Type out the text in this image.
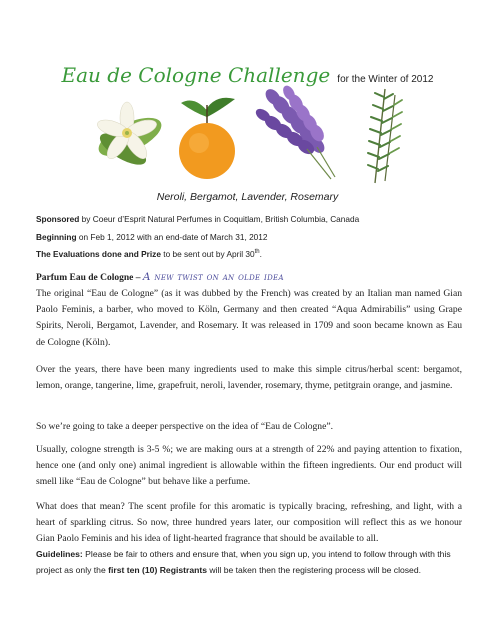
Eau de Cologne Challenge for the Winter of 2012
Neroli, Bergamot, Lavender, Rosemary
Sponsored by Coeur d’Esprit Natural Perfumes in Coquitlam, British Columbia, Canada
Beginning on Feb 1, 2012 with an end-date of March 31, 2012
The Evaluations done and Prize to be sent out by April 30th.
Parfum Eau de Cologne – A new twist on an olde idea
The original “Eau de Cologne” (as it was dubbed by the French) was created by an Italian man named Gian Paolo Feminis, a barber, who moved to Köln, Germany and then created “Aqua Admirabilis” using Grape Spirits, Neroli, Bergamot, Lavender, and Rosemary. It was released in 1709 and soon became known as Eau de Cologne (Köln).
Over the years, there have been many ingredients used to make this simple citrus/herbal scent: bergamot, lemon, orange, tangerine, lime, grapefruit, neroli, lavender, rosemary, thyme, petitgrain orange, and jasmine.
So we’re going to take a deeper perspective on the idea of “Eau de Cologne”.
Usually, cologne strength is 3-5 %; we are making ours at a strength of 22% and paying attention to fixation, hence one (and only one) animal ingredient is allowable within the fifteen ingredients. Our end product will smell like “Eau de Cologne” but behave like a perfume.
What does that mean? The scent profile for this aromatic is typically bracing, refreshing, and light, with a heart of sparkling citrus. So now, three hundred years later, our composition will reflect this as we honour Gian Paolo Feminis and his idea of light-hearted fragrance that should be available to all.
Guidelines: Please be fair to others and ensure that, when you sign up, you intend to follow through with this project as only the first ten (10) Registrants will be taken then the registering process will be closed.
